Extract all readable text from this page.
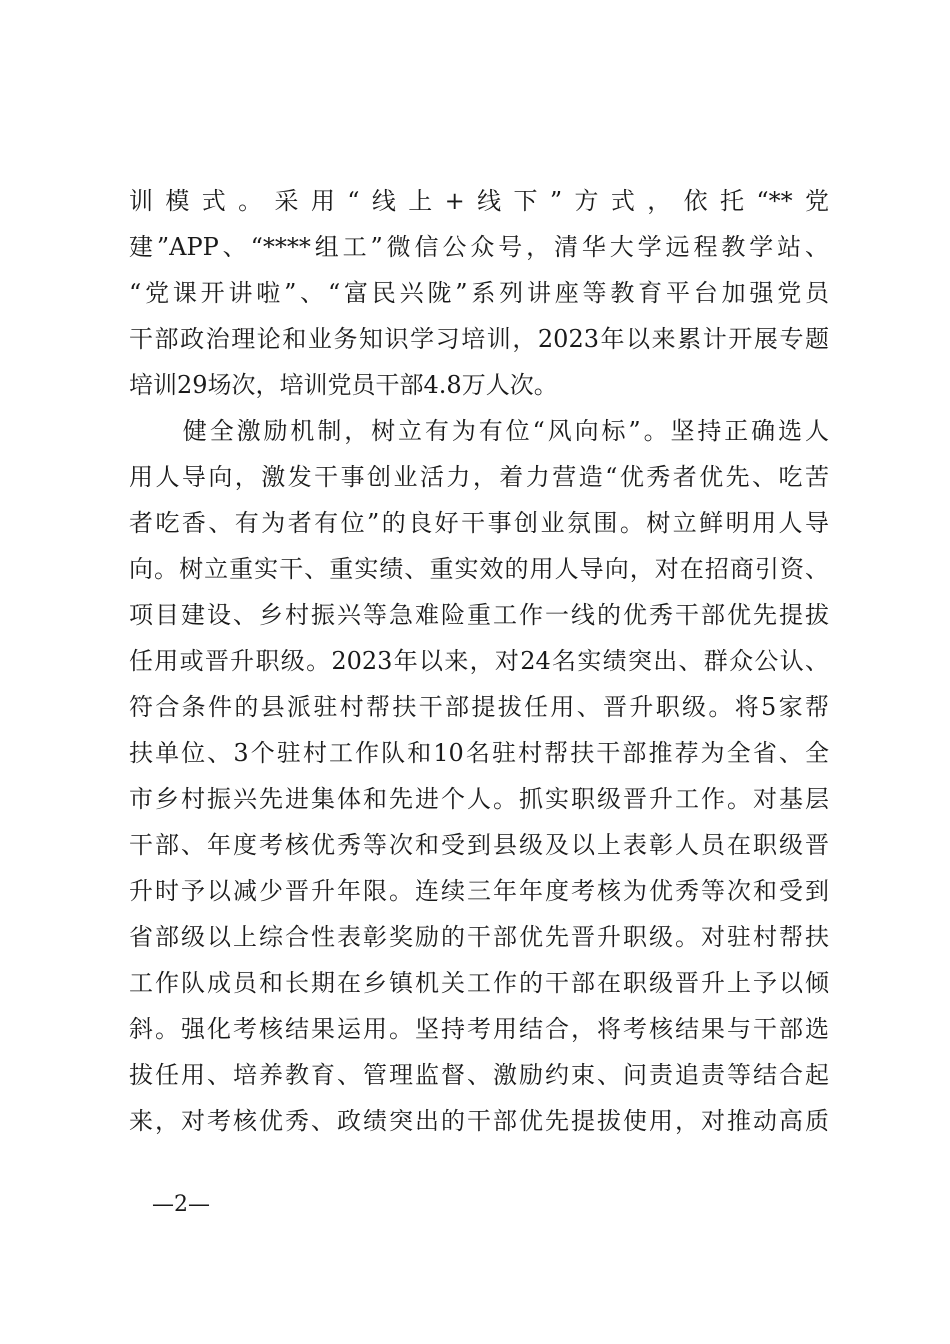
训模式。采用“线上+线下”方式，依托“**党
建”APP、“****组工”微信公众号，清华大学远程教学站、
“党课开讲啦”、“富民兴陇”系列讲座等教育平台加强党员
干部政治理论和业务知识学习培训，2023年以来累计开展专题
培训29场次，培训党员干部4.8万人次。
　　健全激励机制，树立有为有位“风向标”。坚持正确选人
用人导向，激发干事创业活力，着力营造“优秀者优先、吃苦
者吃香、有为者有位”的良好干事创业氛围。树立鲜明用人导
向。树立重实干、重实绩、重实效的用人导向，对在招商引资、
项目建设、乡村振兴等急难险重工作一线的优秀干部优先提拔
任用或晋升职级。2023年以来，对24名实绩突出、群众公认、
符合条件的县派驻村帮扶干部提拔任用、晋升职级。将5家帮
扶单位、3个驻村工作队和10名驻村帮扶干部推荐为全省、全
市乡村振兴先进集体和先进个人。抓实职级晋升工作。对基层
干部、年度考核优秀等次和受到县级及以上表彰人员在职级晋
升时予以减少晋升年限。连续三年年度考核为优秀等次和受到
省部级以上综合性表彰奖励的干部优先晋升职级。对驻村帮扶
工作队成员和长期在乡镇机关工作的干部在职级晋升上予以倾
斜。强化考核结果运用。坚持考用结合，将考核结果与干部选
拔任用、培养教育、管理监督、激励约束、问责追责等结合起
来，对考核优秀、政绩突出的干部优先提拔使用，对推动高质
—2—
